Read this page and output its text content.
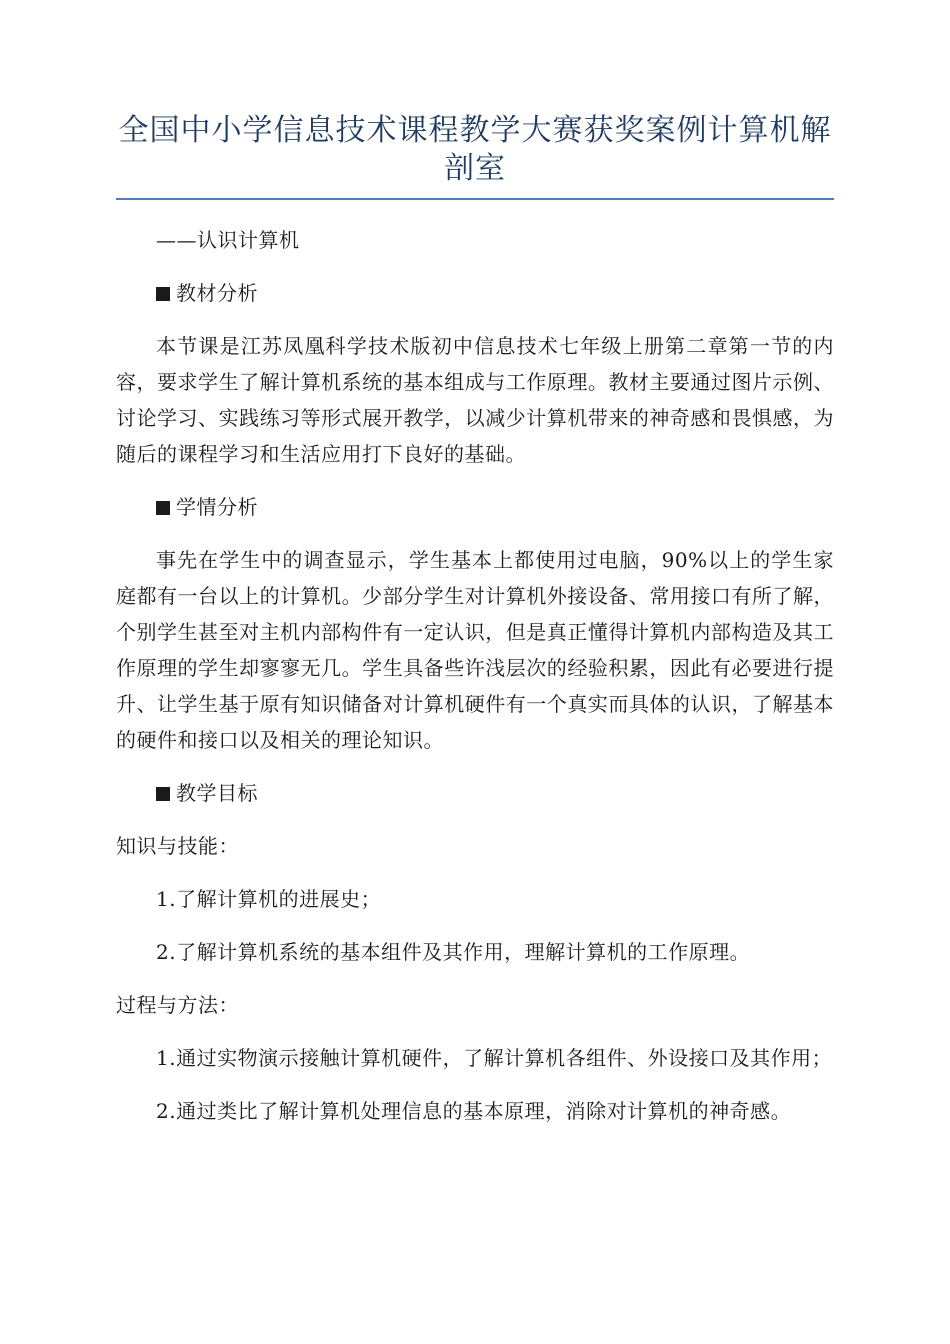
全国中小学信息技术课程教学大赛获奖案例计算机解剖室

——认识计算机

教材分析

本节课是江苏凤凰科学技术版初中信息技术七年级上册第二章第一节的内容，要求学生了解计算机系统的基本组成与工作原理。教材主要通过图片示例、讨论学习、实践练习等形式展开教学，以减少计算机带来的神奇感和畏惧感，为随后的课程学习和生活应用打下良好的基础。

学情分析

事先在学生中的调查显示，学生基本上都使用过电脑，90%以上的学生家庭都有一台以上的计算机。少部分学生对计算机外接设备、常用接口有所了解，个别学生甚至对主机内部构件有一定认识，但是真正懂得计算机内部构造及其工作原理的学生却寥寥无几。学生具备些许浅层次的经验积累，因此有必要进行提升、让学生基于原有知识储备对计算机硬件有一个真实而具体的认识，了解基本的硬件和接口以及相关的理论知识。

教学目标

知识与技能：

1.了解计算机的进展史；

2.了解计算机系统的基本组件及其作用，理解计算机的工作原理。

过程与方法：

1.通过实物演示接触计算机硬件，了解计算机各组件、外设接口及其作用；

2.通过类比了解计算机处理信息的基本原理，消除对计算机的神奇感。
